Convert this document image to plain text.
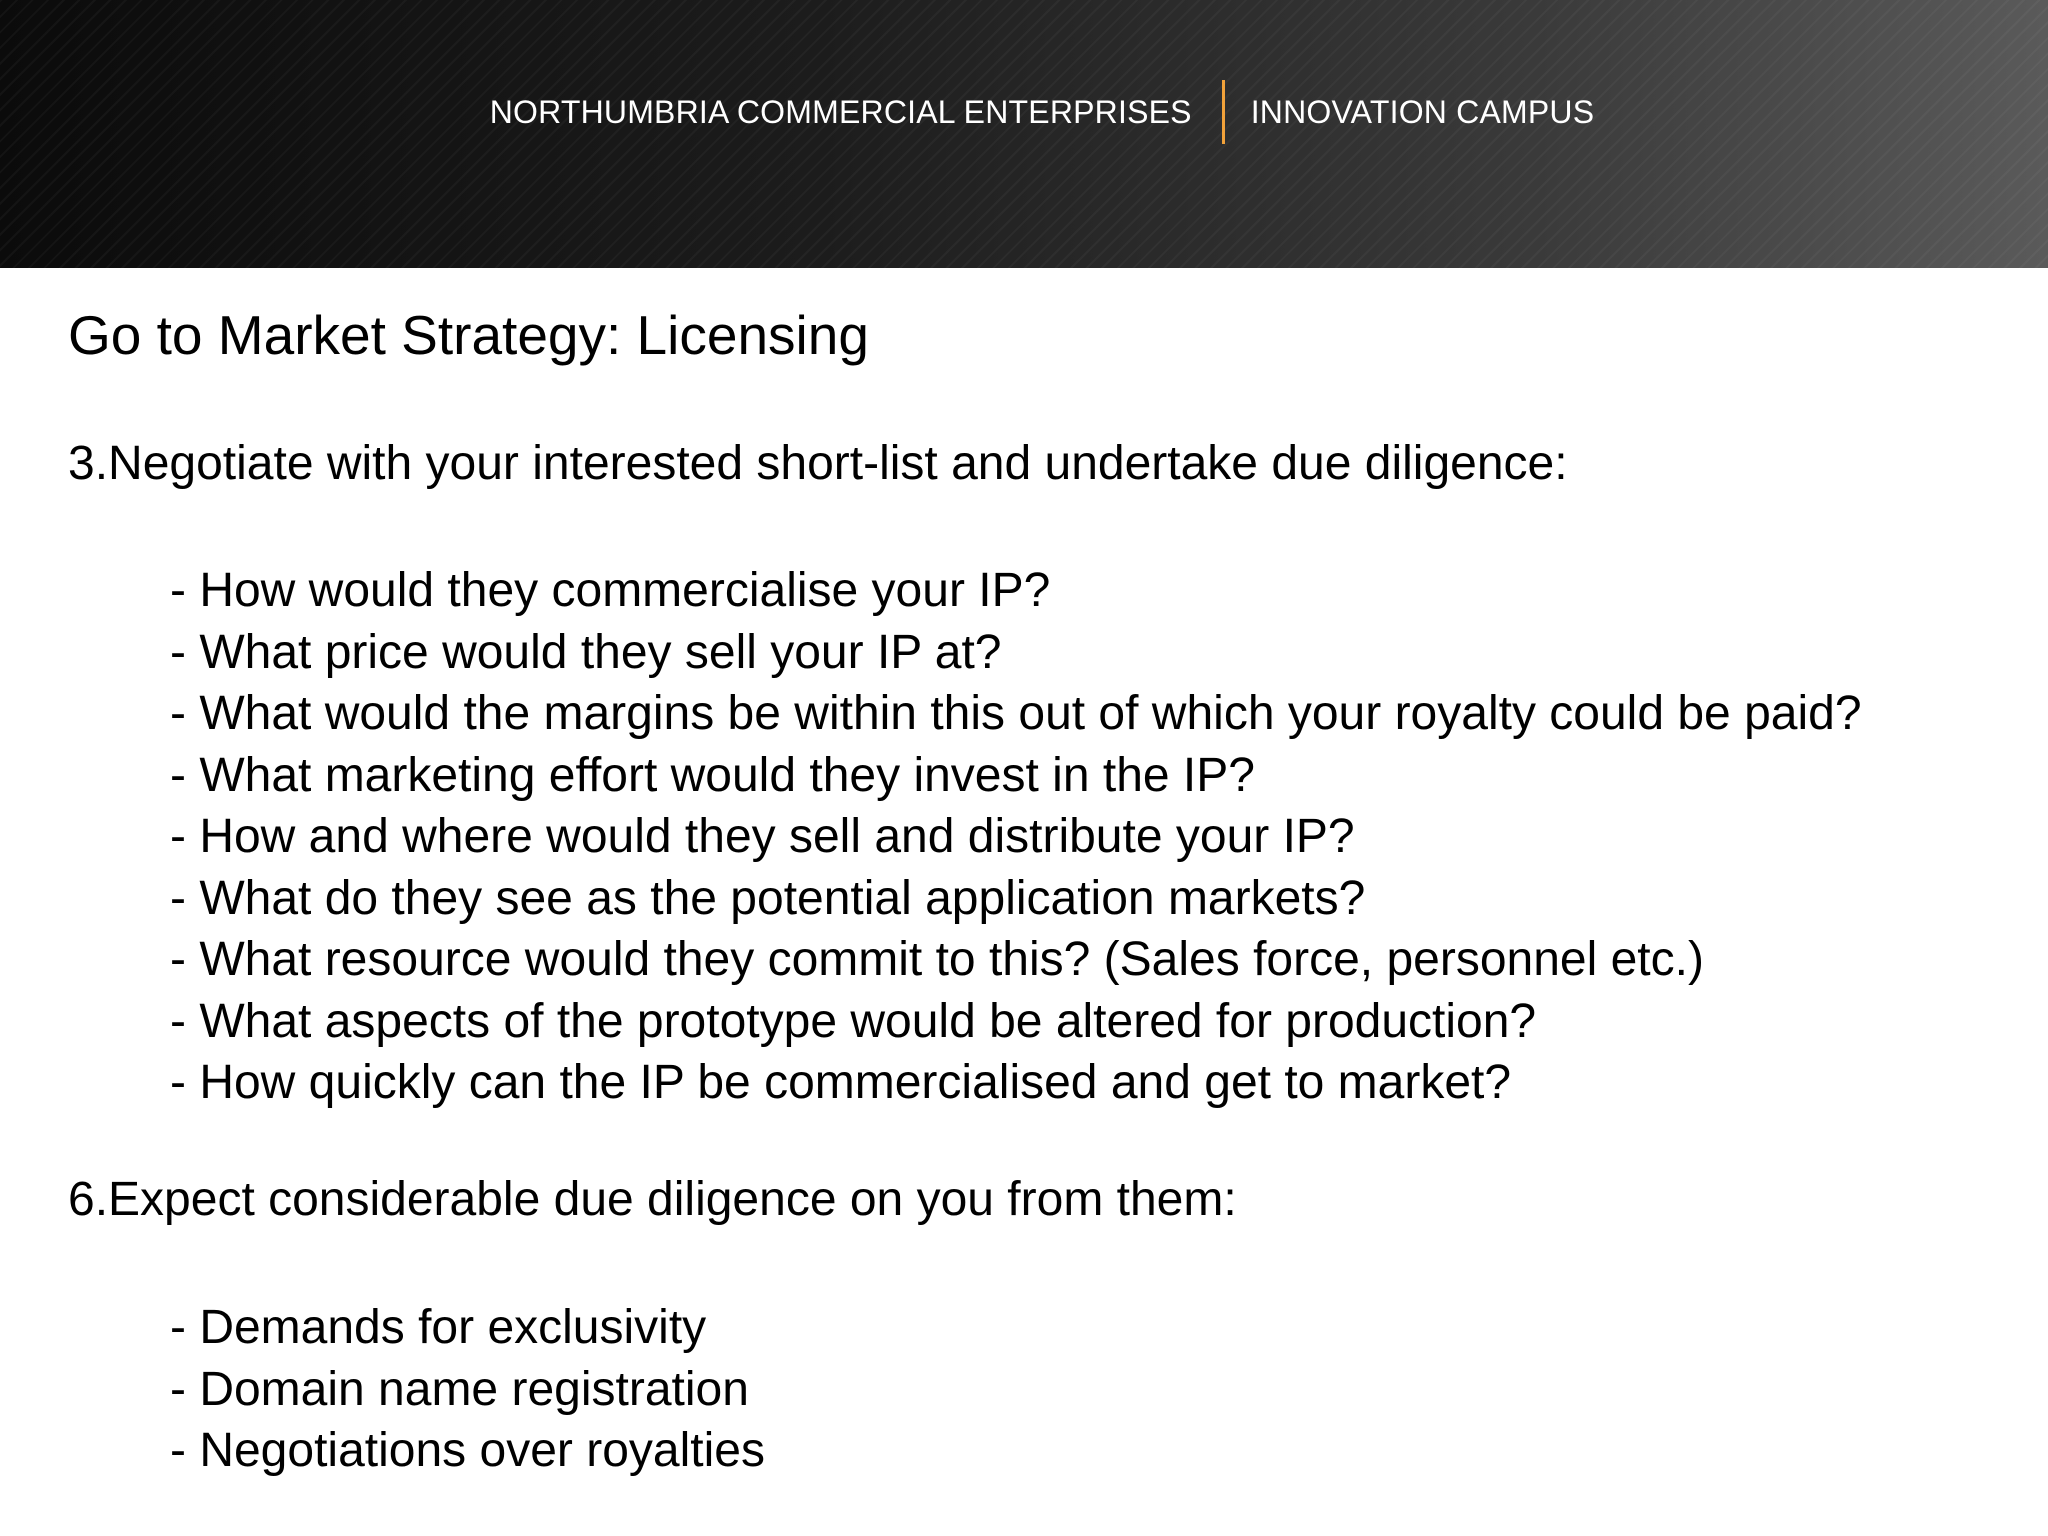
NORTHUMBRIA COMMERCIAL ENTERPRISES INNOVATION CAMPUS
Go to Market Strategy: Licensing

3.Negotiate with your interested short-list and undertake due diligence:

- How would they commercialise your IP?
- What price would they sell your IP at?
- What would the margins be within this out of which your royalty could be paid?
- What marketing effort would they invest in the IP?
- How and where would they sell and distribute your IP?
- What do they see as the potential application markets?
- What resource would they commit to this? (Sales force, personnel etc.)
- What aspects of the prototype would be altered for production?
- How quickly can the IP be commercialised and get to market?

6.Expect considerable due diligence on you from them:

- Demands for exclusivity
- Domain name registration
- Negotiations over royalties
